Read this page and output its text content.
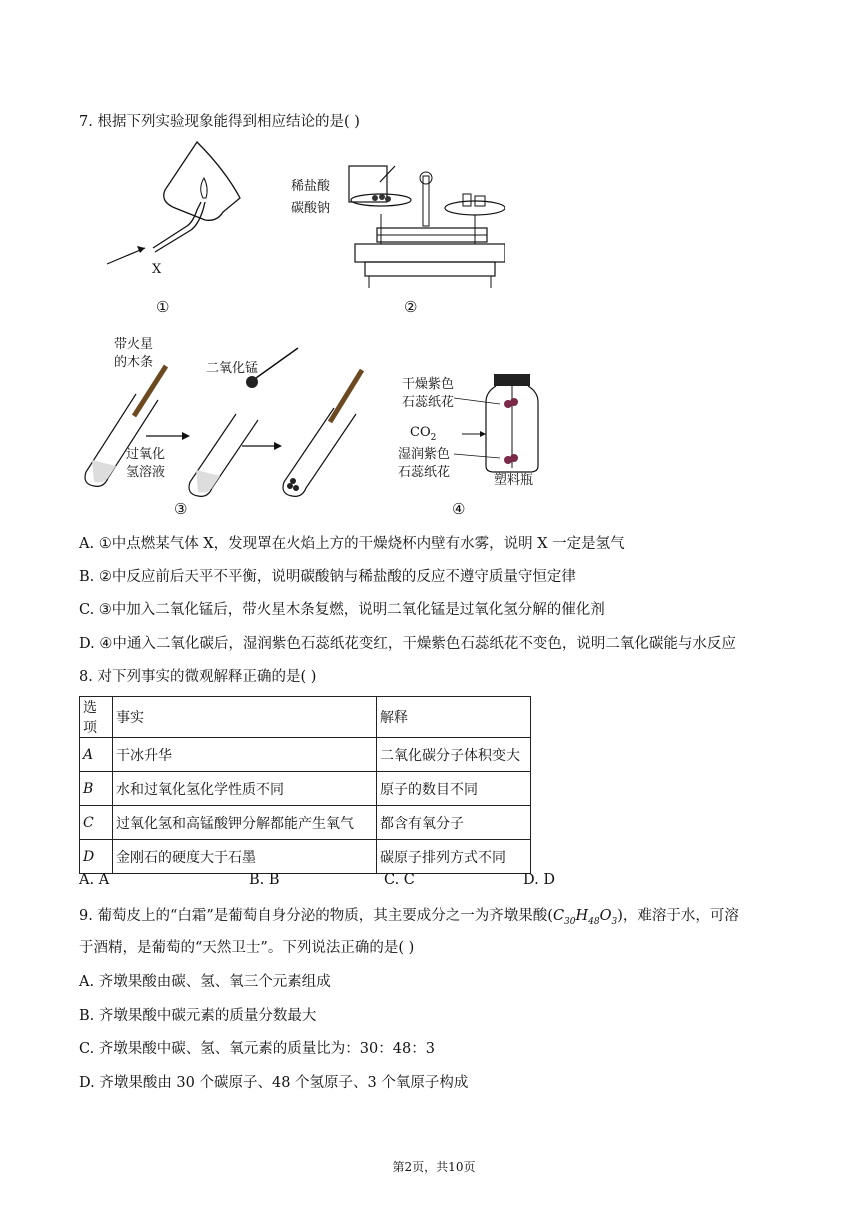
7. 根据下列实验现象能得到相应结论的是( )
X
①
稀盐酸
碳酸钠
②
带火星
的木条	二氧化锰
过氧化
氢溶液
③
干燥紫色
石蕊纸花
$CO_2$
湿润紫色
石蕊纸花
塑料瓶
④
A. ①中点燃某气体 X，发现罩在火焰上方的干燥烧杯内壁有水雾，说明 X 一定是氢气
B. ②中反应前后天平不平衡，说明碳酸钠与稀盐酸的反应不遵守质量守恒定律
C. ③中加入二氧化锰后，带火星木条复燃，说明二氧化锰是过氧化氢分解的催化剂
D. ④中通入二氧化碳后，湿润紫色石蕊纸花变红，干燥紫色石蕊纸花不变色，说明二氧化碳能与水反应
8. 对下列事实的微观解释正确的是( )
选项	事实	解释
A	干冰升华	二氧化碳分子体积变大
B	水和过氧化氢化学性质不同	原子的数目不同
C	过氧化氢和高锰酸钾分解都能产生氧气	都含有氧分子
D	金刚石的硬度大于石墨	碳原子排列方式不同
A. A	B. B	C. C	D. D
9. 葡萄皮上的“白霜”是葡萄自身分泌的物质，其主要成分之一为齐墩果酸$(C_{30}H_{48}O_3)$，难溶于水，可溶
于酒精，是葡萄的“天然卫士”。下列说法正确的是( )
A. 齐墩果酸由碳、氢、氧三个元素组成
B. 齐墩果酸中碳元素的质量分数最大
C. 齐墩果酸中碳、氢、氧元素的质量比为：30：48：3
D. 齐墩果酸由 30 个碳原子、48 个氢原子、3 个氧原子构成
第2页，共10页
